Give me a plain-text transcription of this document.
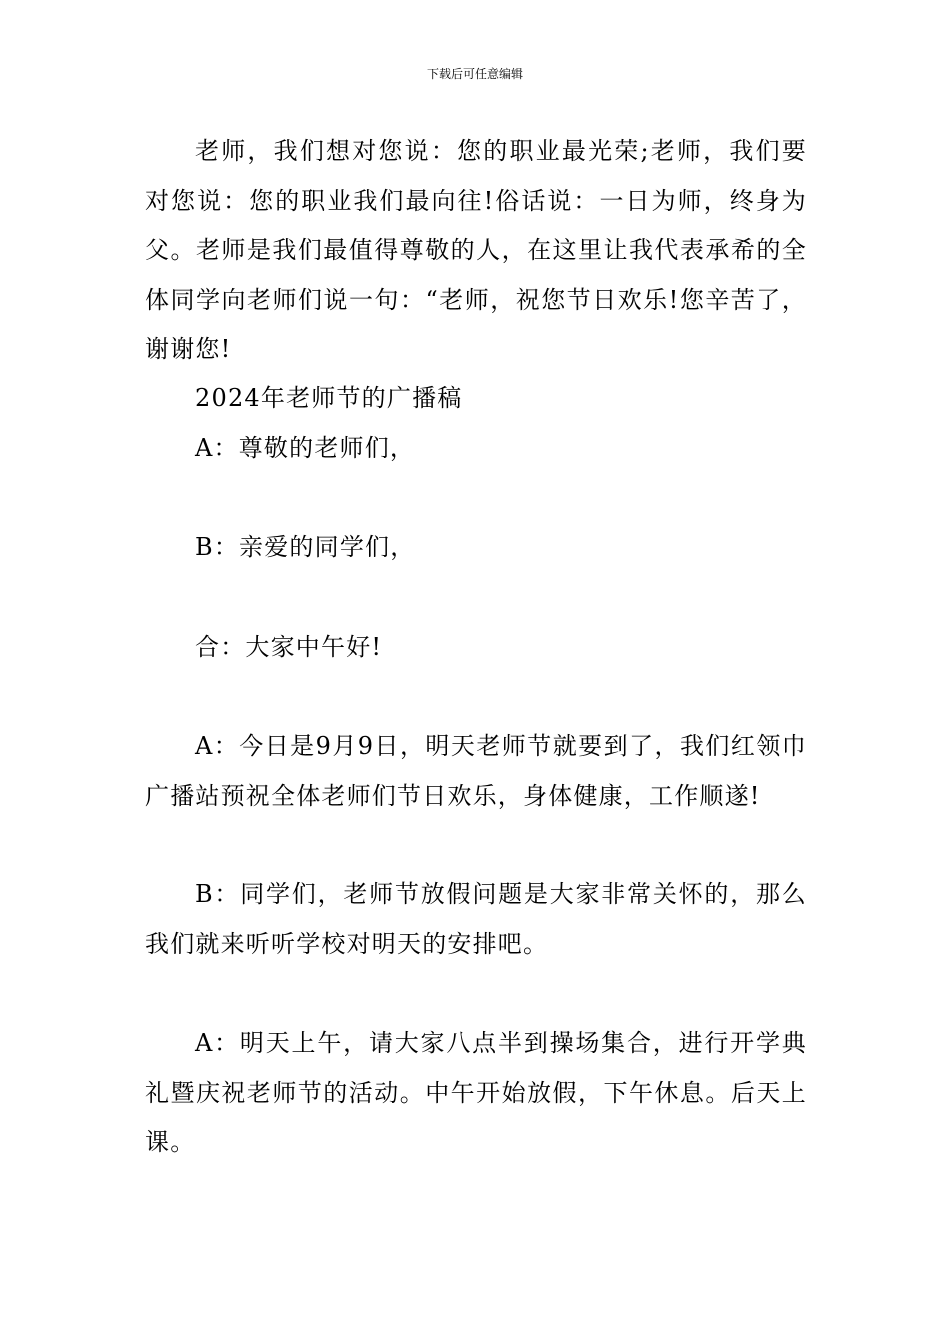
下载后可任意编辑

老师，我们想对您说：您的职业最光荣;老师，我们要对您说：您的职业我们最向往!俗话说：一日为师，终身为父。老师是我们最值得尊敬的人，在这里让我代表承希的全体同学向老师们说一句：“老师，祝您节日欢乐!您辛苦了，谢谢您!

2024年老师节的广播稿

A：尊敬的老师们，

B：亲爱的同学们，

合：大家中午好!

A：今日是9月9日，明天老师节就要到了，我们红领巾广播站预祝全体老师们节日欢乐，身体健康，工作顺遂!

B：同学们，老师节放假问题是大家非常关怀的，那么我们就来听听学校对明天的安排吧。

A：明天上午，请大家八点半到操场集合，进行开学典礼暨庆祝老师节的活动。中午开始放假，下午休息。后天上课。
